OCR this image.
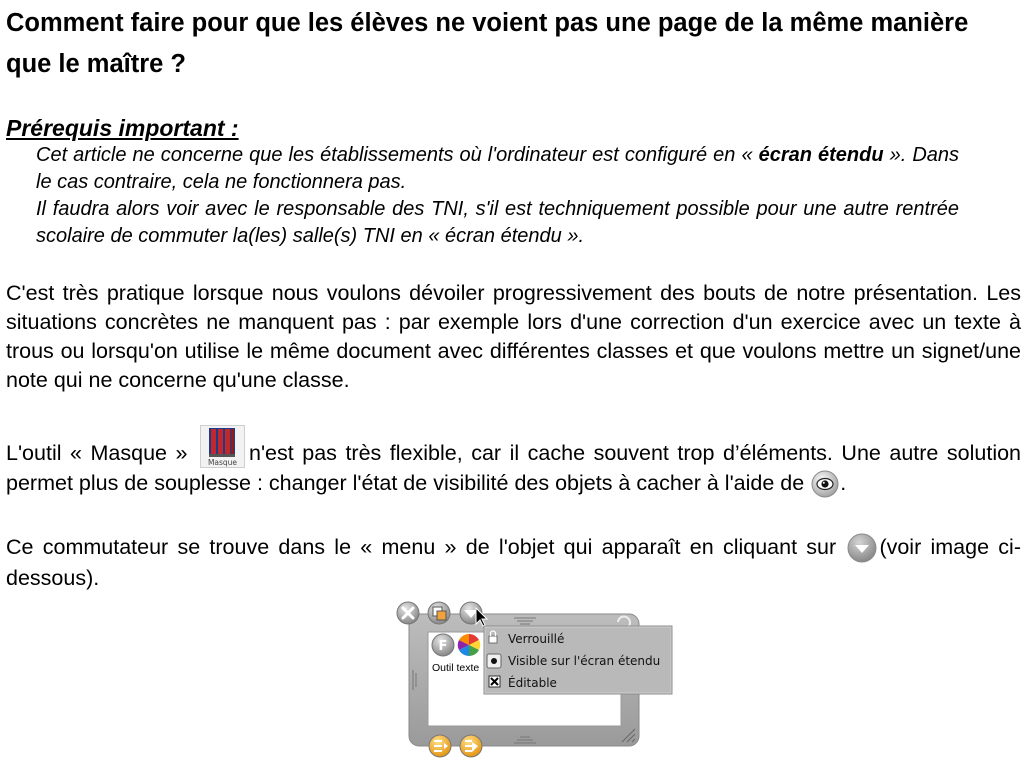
Comment faire pour que les élèves ne voient pas une page de la même manière que le maître ?
Prérequis important :

Cet article ne concerne que les établissements où l'ordinateur est configuré en « écran étendu ». Dans le cas contraire, cela ne fonctionnera pas.

Il faudra alors voir avec le responsable des TNI, s'il est techniquement possible pour une autre rentrée scolaire de commuter la(les) salle(s) TNI en « écran étendu ».

C'est très pratique lorsque nous voulons dévoiler progressivement des bouts de notre présentation. Les situations concrètes ne manquent pas : par exemple lors d'une correction d'un exercice avec un texte à trous ou lorsqu'on utilise le même document avec différentes classes et que voulons mettre un signet/une note qui ne concerne qu'une classe.
L'outil « Masque »	Masque n'est pas très flexible, car il cache souvent trop d’éléments. Une autre solution permet plus de souplesse : changer l'état de visibilité des objets à cacher à l'aide de .
Ce commutateur se trouve dans le « menu » de l'objet qui apparaît en cliquant sur (voir image ci-dessous).
F
Outil texte
Verrouillé
Visible sur l'écran étendu
Éditable
